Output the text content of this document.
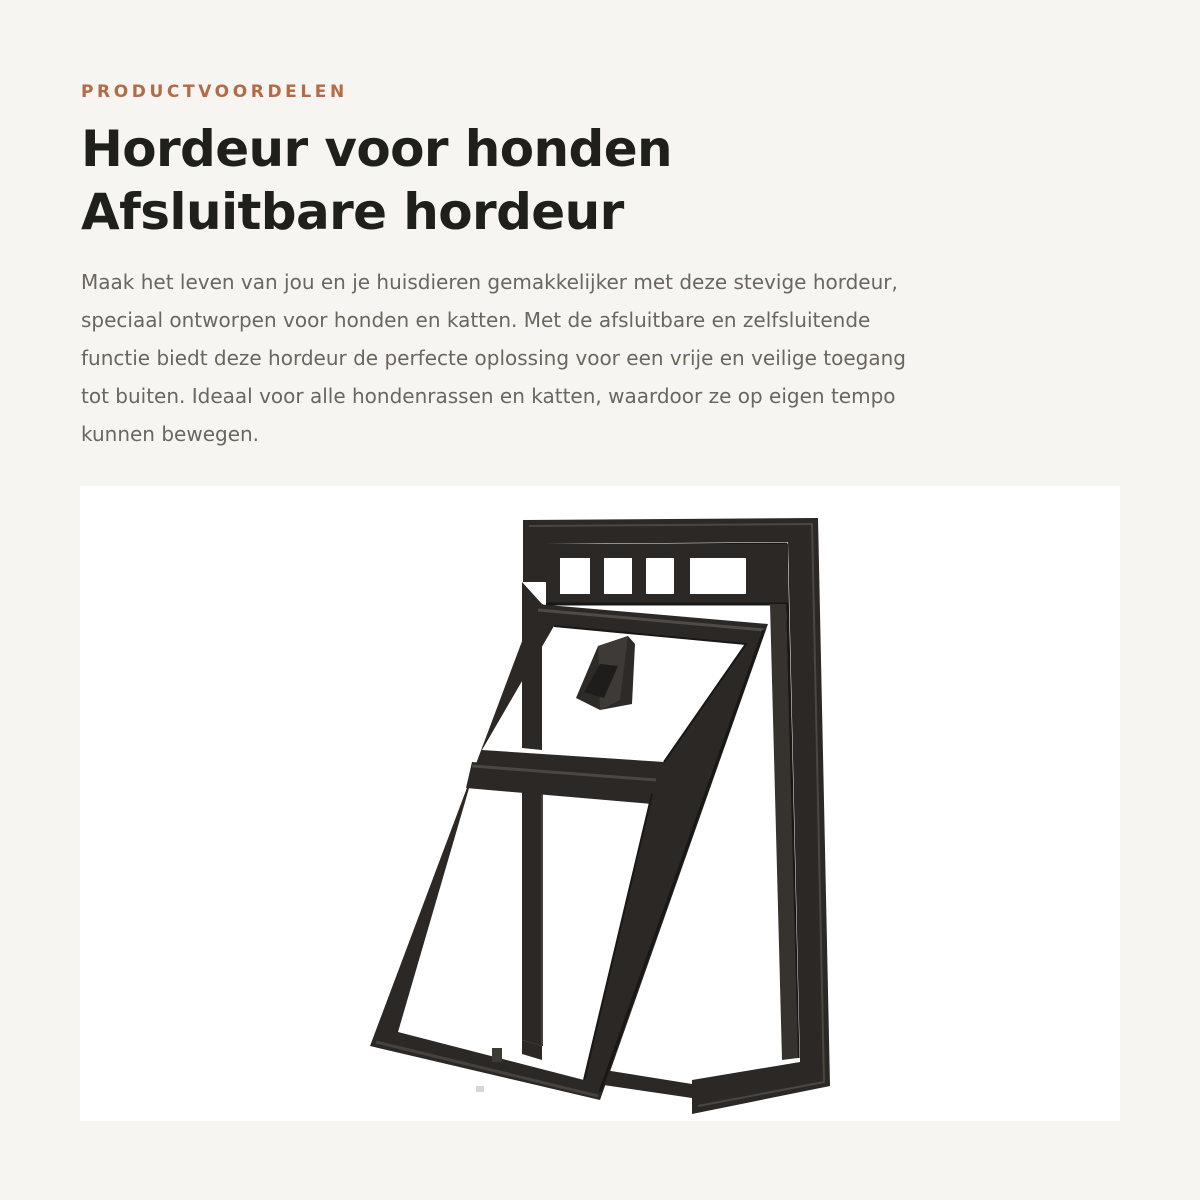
PRODUCTVOORDELEN
Hordeur voor honden
Afsluitbare hordeur

Maak het leven van jou en je huisdieren gemakkelijker met deze stevige hordeur,
speciaal ontworpen voor honden en katten. Met de afsluitbare en zelfsluitende
functie biedt deze hordeur de perfecte oplossing voor een vrije en veilige toegang
tot buiten. Ideaal voor alle hondenrassen en katten, waardoor ze op eigen tempo
kunnen bewegen.
